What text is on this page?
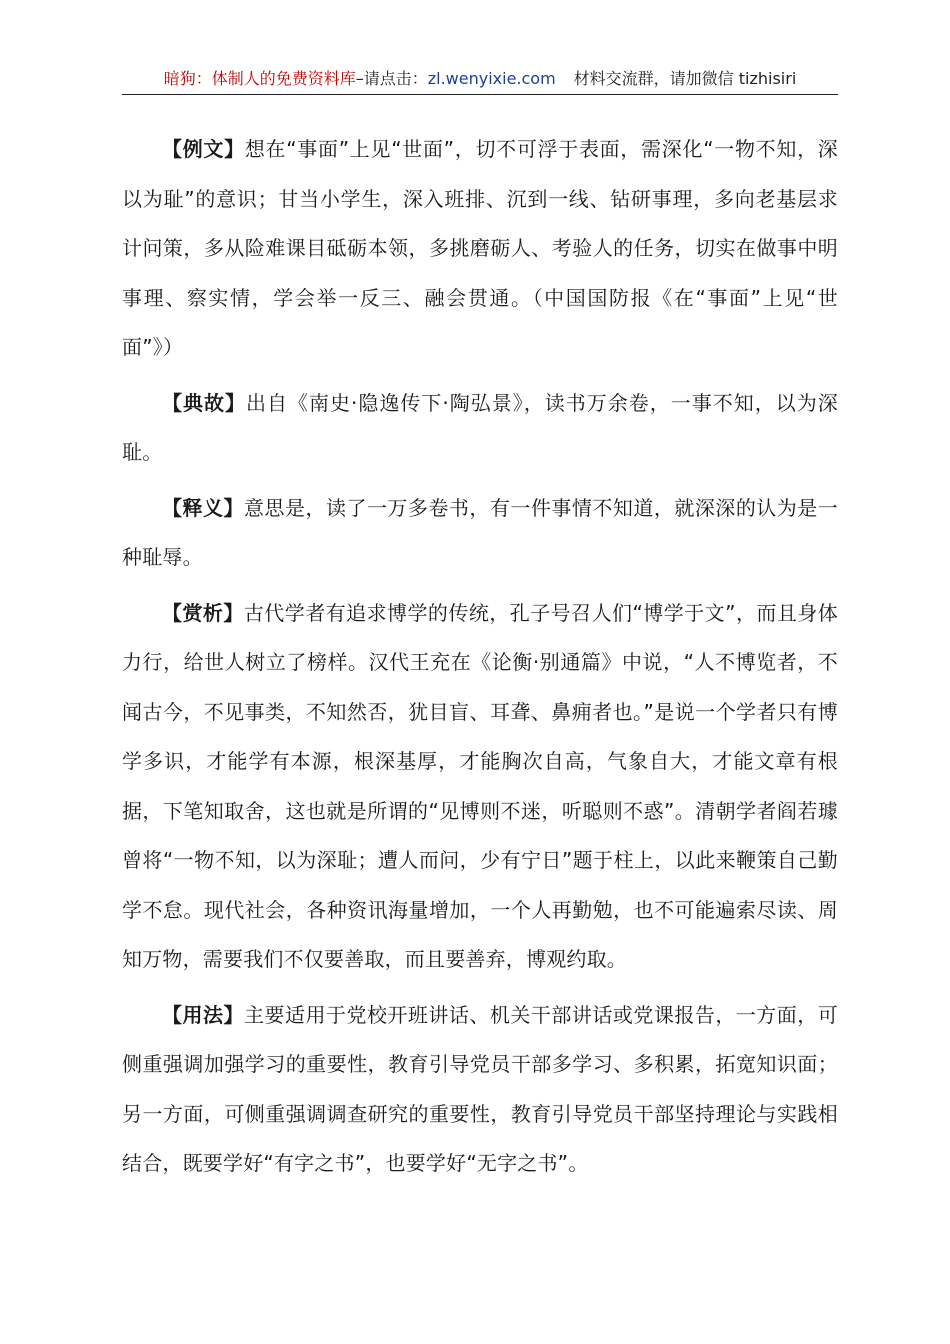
暗狗：体制人的免费资料库–请点击：zl.wenyixie.com 材料交流群，请加微信 tizhisiri

【例文】想在“事面”上见“世面”，切不可浮于表面，需深化“一物不知，深以为耻”的意识；甘当小学生，深入班排、沉到一线、钻研事理，多向老基层求计问策，多从险难课目砥砺本领，多挑磨砺人、考验人的任务，切实在做事中明事理、察实情，学会举一反三、融会贯通。（中国国防报《在“事面”上见“世面”》）

【典故】出自《南史·隐逸传下·陶弘景》，读书万余卷，一事不知，以为深耻。

【释义】意思是，读了一万多卷书，有一件事情不知道，就深深的认为是一种耻辱。

【赏析】古代学者有追求博学的传统，孔子号召人们“博学于文”，而且身体力行，给世人树立了榜样。汉代王充在《论衡·别通篇》中说，“人不博览者，不闻古今，不见事类，不知然否，犹目盲、耳聋、鼻痈者也。”是说一个学者只有博学多识，才能学有本源，根深基厚，才能胸次自高，气象自大，才能文章有根据，下笔知取舍，这也就是所谓的“见博则不迷，听聪则不惑”。清朝学者阎若璩曾将“一物不知，以为深耻；遭人而问，少有宁日”题于柱上，以此来鞭策自己勤学不怠。现代社会，各种资讯海量增加，一个人再勤勉，也不可能遍索尽读、周知万物，需要我们不仅要善取，而且要善弃，博观约取。

【用法】主要适用于党校开班讲话、机关干部讲话或党课报告，一方面，可侧重强调加强学习的重要性，教育引导党员干部多学习、多积累，拓宽知识面；另一方面，可侧重强调调查研究的重要性，教育引导党员干部坚持理论与实践相结合，既要学好“有字之书”，也要学好“无字之书”。
